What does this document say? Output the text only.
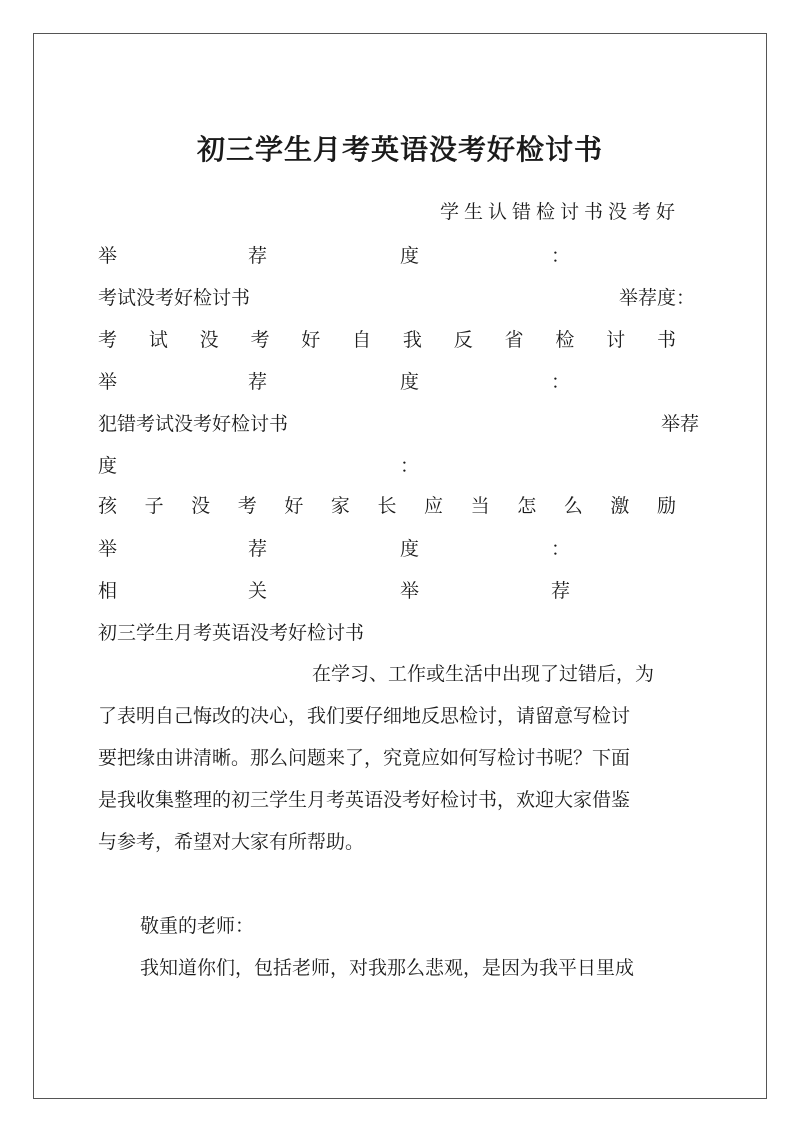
初三学生月考英语没考好检讨书
学生认错检讨书没考好
举	荐	度	：
考试没考好检讨书	举荐度：
考 试 没 考 好 自 我 反 省 检 讨 书
举	荐	度	：
犯错考试没考好检讨书	举荐
度	：
孩 子 没 考 好 家 长 应 当 怎 么 激 励
举	荐	度	：
相	关	举	荐
初三学生月考英语没考好检讨书
在学习、工作或生活中出现了过错后，为
了表明自己悔改的决心，我们要仔细地反思检讨，请留意写检讨
要把缘由讲清晰。那么问题来了，究竟应如何写检讨书呢？下面
是我收集整理的初三学生月考英语没考好检讨书，欢迎大家借鉴
与参考，希望对大家有所帮助。
敬重的老师：
我知道你们，包括老师，对我那么悲观，是因为我平日里成
